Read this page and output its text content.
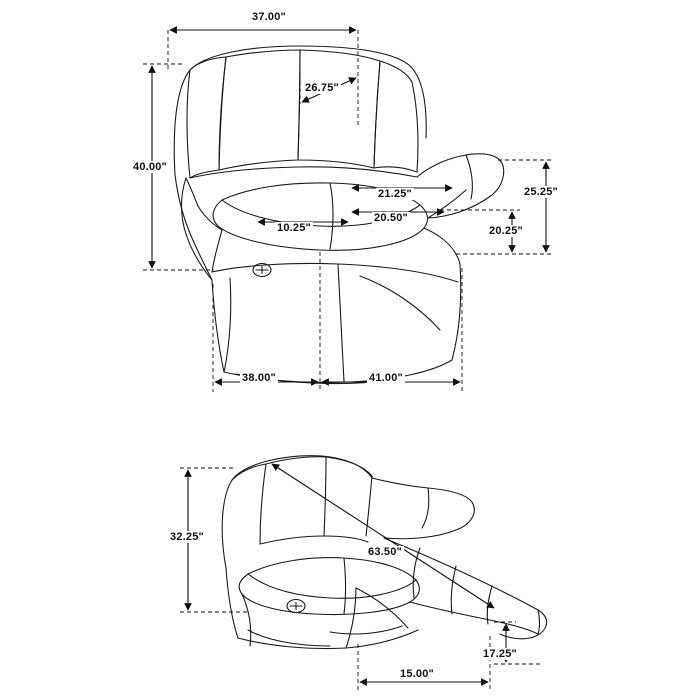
37.00"
40.00"
26.75"
21.25"
20.50"
25.25"
20.25"
10.25"
38.00"	41.00"
32.25"
63.50"
17.25"
15.00"
